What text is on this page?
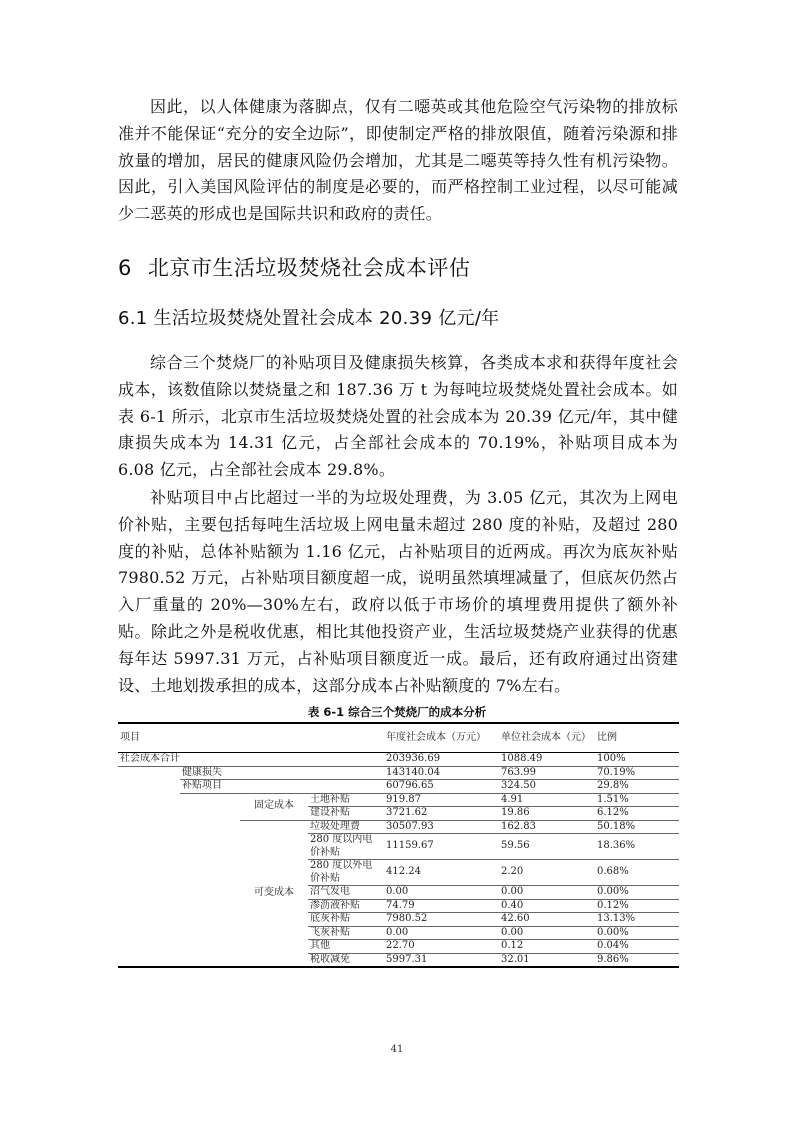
因此，以人体健康为落脚点，仅有二噁英或其他危险空气污染物的排放标准并不能保证“充分的安全边际”，即使制定严格的排放限值，随着污染源和排放量的增加，居民的健康风险仍会增加，尤其是二噁英等持久性有机污染物。因此，引入美国风险评估的制度是必要的，而严格控制工业过程，以尽可能减少二恶英的形成也是国际共识和政府的责任。

6 北京市生活垃圾焚烧社会成本评估
6.1 生活垃圾焚烧处置社会成本 20.39 亿元/年

综合三个焚烧厂的补贴项目及健康损失核算，各类成本求和获得年度社会成本，该数值除以焚烧量之和 187.36 万 t 为每吨垃圾焚烧处置社会成本。如表 6-1 所示，北京市生活垃圾焚烧处置的社会成本为 20.39 亿元/年，其中健康损失成本为 14.31 亿元，占全部社会成本的 70.19%，补贴项目成本为 6.08 亿元，占全部社会成本 29.8%。

补贴项目中占比超过一半的为垃圾处理费，为 3.05 亿元，其次为上网电价补贴，主要包括每吨生活垃圾上网电量未超过 280 度的补贴，及超过 280 度的补贴，总体补贴额为 1.16 亿元，占补贴项目的近两成。再次为底灰补贴 7980.52 万元，占补贴项目额度超一成，说明虽然填埋减量了，但底灰仍然占入厂重量的 20%—30%左右，政府以低于市场价的填埋费用提供了额外补贴。除此之外是税收优惠，相比其他投资产业，生活垃圾焚烧产业获得的优惠每年达 5997.31 万元，占补贴项目额度近一成。最后，还有政府通过出资建设、土地划拨承担的成本，这部分成本占补贴额度的 7%左右。

表 6-1 综合三个焚烧厂的成本分析

项目				年度社会成本（万元）	单位社会成本（元）	比例
社会成本合计				203936.69	1088.49	100%
	健康损失			143140.04	763.99	70.19%
	补贴项目			60796.65	324.50	29.8%
		固定成本	土地补贴	919.87	4.91	1.51%
			建设补贴	3721.62	19.86	6.12%
		可变成本	垃圾处理费	30507.93	162.83	50.18%
			280 度以内电价补贴	11159.67	59.56	18.36%
			280 度以外电价补贴	412.24	2.20	0.68%
			沼气发电	0.00	0.00	0.00%
			渗沥液补贴	74.79	0.40	0.12%
			底灰补贴	7980.52	42.60	13.13%
			飞灰补贴	0.00	0.00	0.00%
			其他	22.70	0.12	0.04%
			税收减免	5997.31	32.01	9.86%
41
